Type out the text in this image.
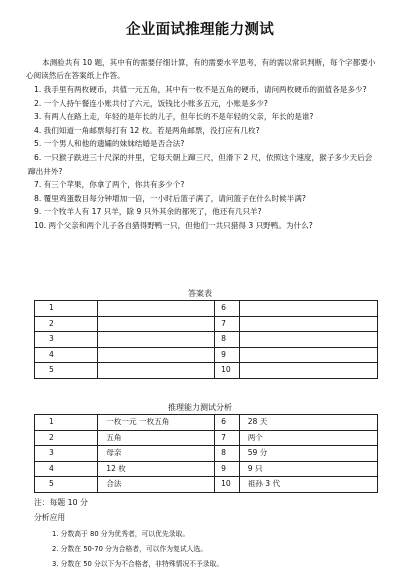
企业面试推理能力测试
本测验共有 10 题，其中有的需要仔细计算，有的需要水平思考，有的需以常识判断，每个字都要小心阅读然后在答案纸上作答。

1. 我手里有两枚硬币，共值一元五角，其中有一枚不是五角的硬币，请问两枚硬币的面值各是多少?

2. 一个人持午餐连小账共付了六元，饭钱比小账多五元，小账是多少?

3. 有两人在路上走，年轻的是年长的儿子，但年长的不是年轻的父亲，年长的是谁?

4. 我们知道一角邮票每打有 12 枚。若是两角邮票，没打应有几枚?

5. 一个男人和他的遗孀的妹妹结婚是否合法?

6. 一只猴子跌进三十尺深的井里，它每天朝上蹿三尺，但滑下 2 尺，依照这个速度，猴子多少天后会蹿出井外?

7. 有三个苹果，你拿了两个，你共有多少个?

8. 覆里鸡蛋数目每分钟增加一倍，一小时后篮子满了，请问篮子在什么时候半满?

9. 一个牧羊人有 17 只羊，除 9 只外其余的都死了，他还有几只羊?

10. 两个父亲和两个儿子各自猎得野鸭一只，但他们一共只猎得 3 只野鸭。为什么?

答案表
1		6	
2		7	
3		8	
4		9	
5		10	
推理能力测试分析
1	一枚一元 一枚五角	6	28 天
2	五角	7	两个
3	母亲	8	59 分
4	12 枚	9	9 只
5	合法	10	祖孙 3 代
注：每题 10 分
分析应用
1. 分数高于 80 分为优秀者，可以优先录取。
2. 分数在 50-70 分为合格者，可以作为复试人选。
3. 分数在 50 分以下为不合格者，非特殊情况不予录取。
